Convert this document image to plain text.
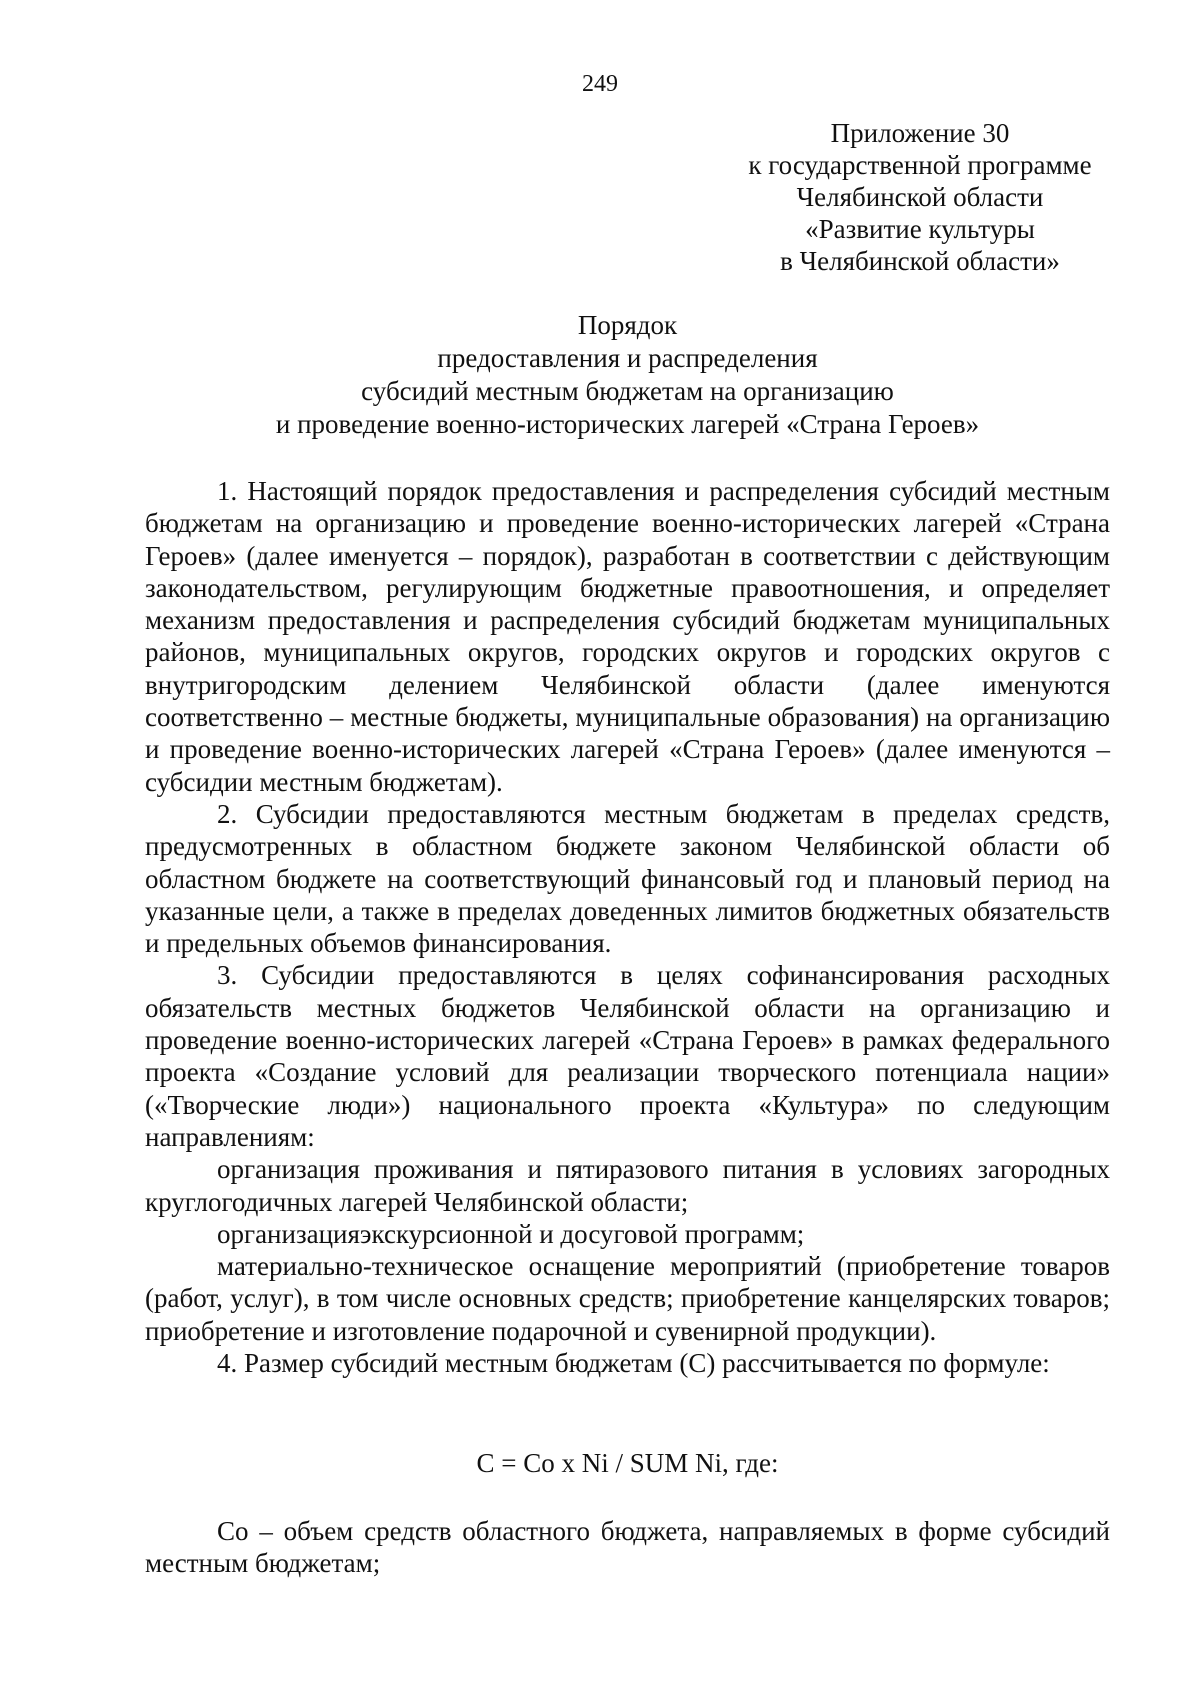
249
Приложение 30
к государственной программе
Челябинской области
«Развитие культуры
в Челябинской области»
Порядок
предоставления и распределения
субсидий местным бюджетам на организацию
и проведение военно-исторических лагерей «Страна Героев»

1. Настоящий порядок предоставления и распределения субсидий местным бюджетам на организацию и проведение военно-исторических лагерей «Страна Героев» (далее именуется – порядок), разработан в соответствии с действующим законодательством, регулирующим бюджетные правоотношения, и определяет механизм предоставления и распределения субсидий бюджетам муниципальных районов, муниципальных округов, городских округов и городских округов с внутригородским делением Челябинской области (далее именуются соответственно – местные бюджеты, муниципальные образования) на организацию и проведение военно-исторических лагерей «Страна Героев» (далее именуются – субсидии местным бюджетам).

2. Субсидии предоставляются местным бюджетам в пределах средств, предусмотренных в областном бюджете законом Челябинской области об областном бюджете на соответствующий финансовый год и плановый период на указанные цели, а также в пределах доведенных лимитов бюджетных обязательств и предельных объемов финансирования.

3. Субсидии предоставляются в целях софинансирования расходных обязательств местных бюджетов Челябинской области на организацию и проведение военно-исторических лагерей «Страна Героев» в рамках федерального проекта «Создание условий для реализации творческого потенциала нации» («Творческие люди») национального проекта «Культура» по следующим направлениям:

организация проживания и пятиразового питания в условиях загородных круглогодичных лагерей Челябинской области;

организацияэкскурсионной и досуговой программ;

материально-техническое оснащение мероприятий (приобретение товаров (работ, услуг), в том числе основных средств; приобретение канцелярских товаров; приобретение и изготовление подарочной и сувенирной продукции).

4. Размер субсидий местным бюджетам (С) рассчитывается по формуле:

С = Со х Ni / SUM Ni, где:

Со – объем средств областного бюджета, направляемых в форме субсидий местным бюджетам;
